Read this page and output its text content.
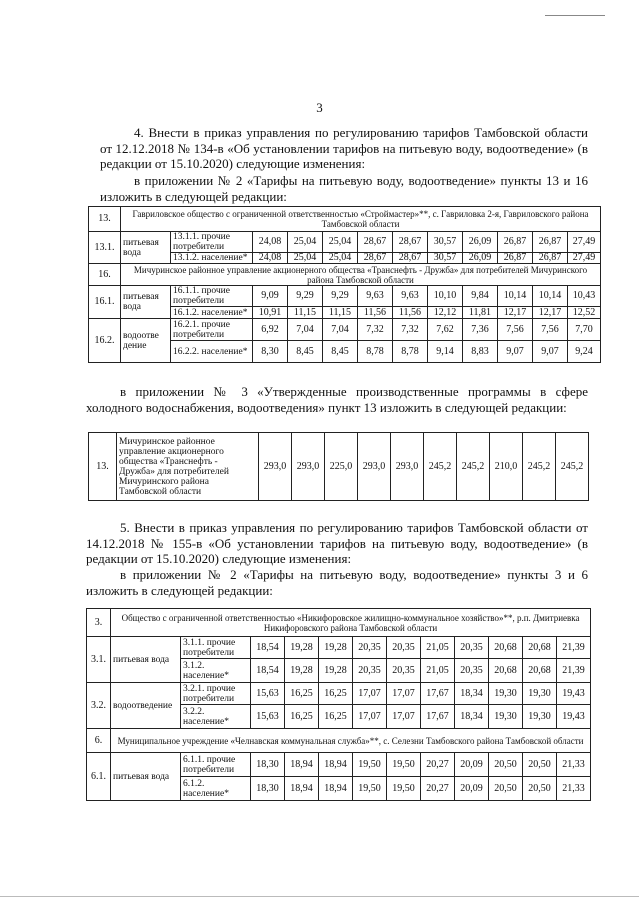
3
4. Внести в приказ управления по регулированию тарифов Тамбовской области от 12.12.2018 № 134-в «Об установлении тарифов на питьевую воду, водоотведение» (в редакции от 15.10.2020) следующие изменения:
в приложении № 2 «Тарифы на питьевую воду, водоотведение» пункты 13 и 16 изложить в следующей редакции:
13.	Гавриловское общество с ограниченной ответственностью «Строймастер»**, с. Гавриловка 2-я, Гавриловского района Тамбовской области											
13.1.	питьевая вода	13.1.1. прочие потребители	24,08	25,04	25,04	28,67	28,67	30,57	26,09	26,87	26,87	27,49
		13.1.2. население*	24,08	25,04	25,04	28,67	28,67	30,57	26,09	26,87	26,87	27,49
16.	Мичуринское районное управление акционерного общества «Транснефть - Дружба» для потребителей Мичуринского района Тамбовской области											
16.1.	питьевая вода	16.1.1. прочие потребители	9,09	9,29	9,29	9,63	9,63	10,10	9,84	10,14	10,14	10,43
		16.1.2. население*	10,91	11,15	11,15	11,56	11,56	12,12	11,81	12,17	12,17	12,52
16.2.	водоотве дение	16.2.1. прочие потребители	6,92	7,04	7,04	7,32	7,32	7,62	7,36	7,56	7,56	7,70
		16.2.2. население*	8,30	8,45	8,45	8,78	8,78	9,14	8,83	9,07	9,07	9,24
в приложении № 3 «Утвержденные производственные программы в сфере холодного водоснабжения, водоотведения» пункт 13 изложить в следующей редакции:
13.	Мичуринское районное управление акционерного общества «Транснефть - Дружба» для потребителей Мичуринского района Тамбовской области	293,0	293,0	225,0	293,0	293,0	245,2	245,2	210,0	245,2	245,2
5. Внести в приказ управления по регулированию тарифов Тамбовской области от 14.12.2018 № 155-в «Об установлении тарифов на питьевую воду, водоотведение» (в редакции от 15.10.2020) следующие изменения:
в приложении № 2 «Тарифы на питьевую воду, водоотведение» пункты 3 и 6 изложить в следующей редакции:
3.	Общество с ограниченной ответственностью «Никифоровское жилищно-коммунальное хозяйство»**, р.п. Дмитриевка Никифоровского района Тамбовской области											
3.1.	питьевая вода	3.1.1. прочие потребители	18,54	19,28	19,28	20,35	20,35	21,05	20,35	20,68	20,68	21,39
		3.1.2. население*	18,54	19,28	19,28	20,35	20,35	21,05	20,35	20,68	20,68	21,39
3.2.	водоотведение	3.2.1. прочие потребители	15,63	16,25	16,25	17,07	17,07	17,67	18,34	19,30	19,30	19,43
		3.2.2. население*	15,63	16,25	16,25	17,07	17,07	17,67	18,34	19,30	19,30	19,43
6.	Муниципальное учреждение «Челнавская коммунальная служба»**, с. Селезни Тамбовского района Тамбовской области											
6.1.	питьевая вода	6.1.1. прочие потребители	18,30	18,94	18,94	19,50	19,50	20,27	20,09	20,50	20,50	21,33
		6.1.2. население*	18,30	18,94	18,94	19,50	19,50	20,27	20,09	20,50	20,50	21,33
